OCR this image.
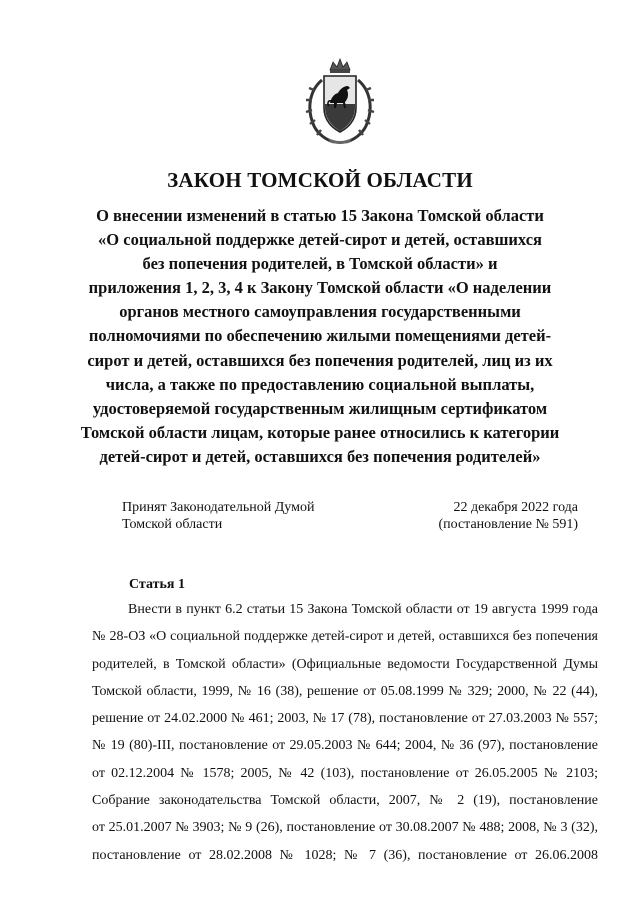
ЗАКОН ТОМСКОЙ ОБЛАСТИ
О внесении изменений в статью 15 Закона Томской области
«О социальной поддержке детей-сирот и детей, оставшихся
без попечения родителей, в Томской области» и
приложения 1, 2, 3, 4 к Закону Томской области «О наделении
органов местного самоуправления государственными
полномочиями по обеспечению жилыми помещениями детей-
сирот и детей, оставшихся без попечения родителей, лиц из их
числа, а также по предоставлению социальной выплаты,
удостоверяемой государственным жилищным сертификатом
Томской области лицам, которые ранее относились к категории
детей-сирот и детей, оставшихся без попечения родителей»
Принят Законодательной Думой
Томской области
22 декабря 2022 года
(постановление № 591)
Статья 1
Внести в пункт 6.2 статьи 15 Закона Томской области от 19 августа 1999 года
№ 28-ОЗ «О социальной поддержке детей-сирот и детей, оставшихся без попечения
родителей, в Томской области» (Официальные ведомости Государственной Думы
Томской области, 1999, № 16 (38), решение от 05.08.1999 № 329; 2000, № 22 (44),
решение от 24.02.2000 № 461; 2003, № 17 (78), постановление от 27.03.2003 № 557;
№ 19 (80)-III, постановление от 29.05.2003 № 644; 2004, № 36 (97), постановление
от 02.12.2004 № 1578; 2005, № 42 (103), постановление от 26.05.2005 № 2103;
Собрание законодательства Томской области, 2007, № 2 (19), постановление
от 25.01.2007 № 3903; № 9 (26), постановление от 30.08.2007 № 488; 2008, № 3 (32),
постановление от 28.02.2008 № 1028; № 7 (36), постановление от 26.06.2008
